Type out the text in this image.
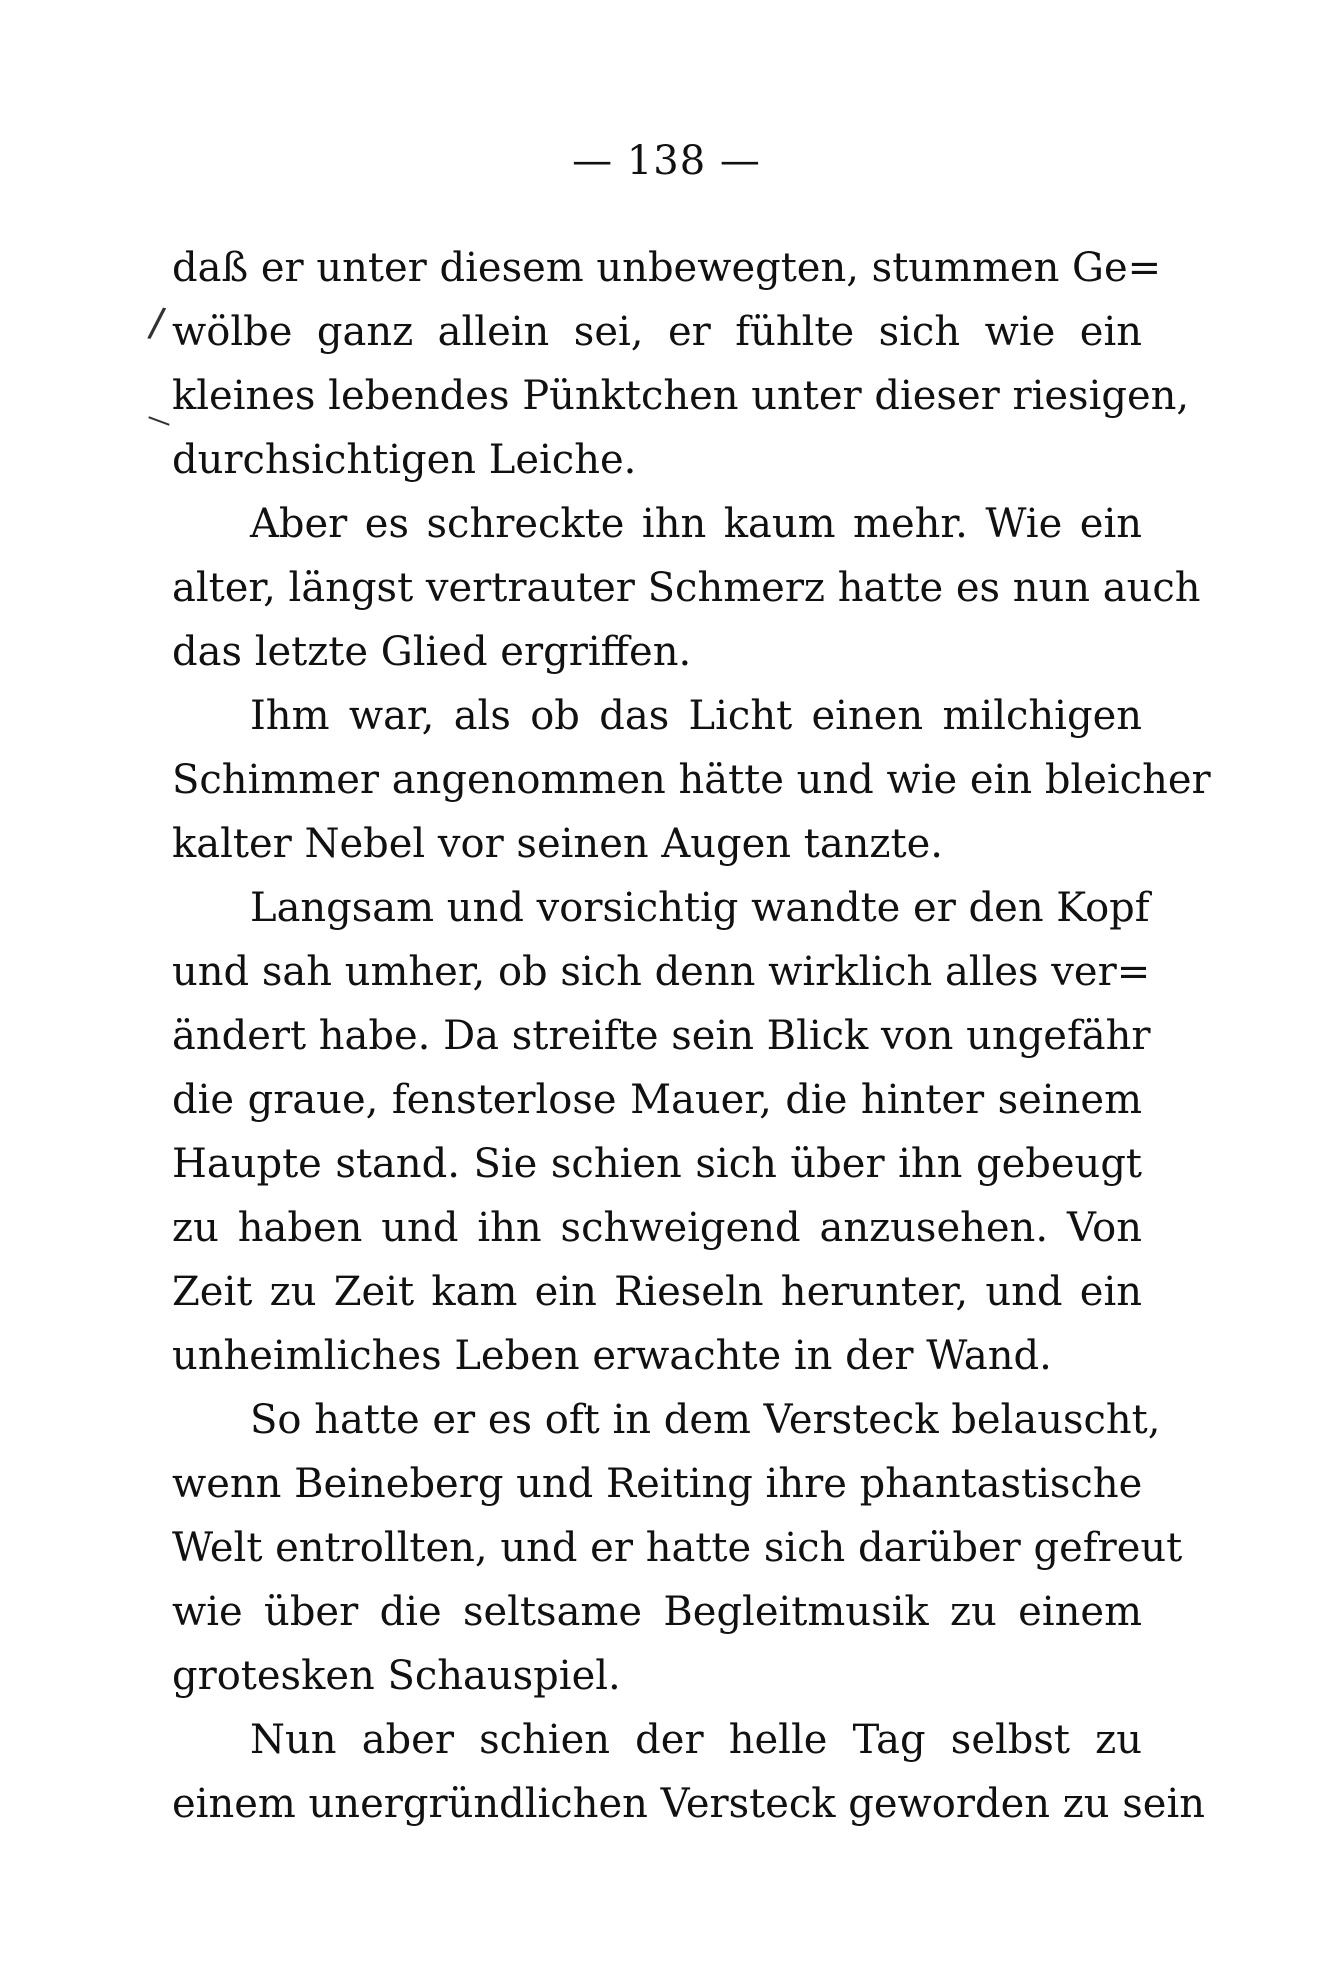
— 138 —
/
daß er unter diesem unbewegten, stummen Ge=
wölbe ganz allein sei, er fühlte sich wie ein
kleines lebendes Pünktchen unter dieser riesigen,
durchsichtigen Leiche.
Aber es schreckte ihn kaum mehr. Wie ein
alter, längst vertrauter Schmerz hatte es nun auch
das letzte Glied ergriffen.
Ihm war, als ob das Licht einen milchigen
Schimmer angenommen hätte und wie ein bleicher
kalter Nebel vor seinen Augen tanzte.
Langsam und vorsichtig wandte er den Kopf
und sah umher, ob sich denn wirklich alles ver=
ändert habe. Da streifte sein Blick von ungefähr
die graue, fensterlose Mauer, die hinter seinem
Haupte stand. Sie schien sich über ihn gebeugt
zu haben und ihn schweigend anzusehen. Von
Zeit zu Zeit kam ein Rieseln herunter, und ein
unheimliches Leben erwachte in der Wand.
So hatte er es oft in dem Versteck belauscht,
wenn Beineberg und Reiting ihre phantastische
Welt entrollten, und er hatte sich darüber gefreut
wie über die seltsame Begleitmusik zu einem
grotesken Schauspiel.
Nun aber schien der helle Tag selbst zu
einem unergründlichen Versteck geworden zu sein
